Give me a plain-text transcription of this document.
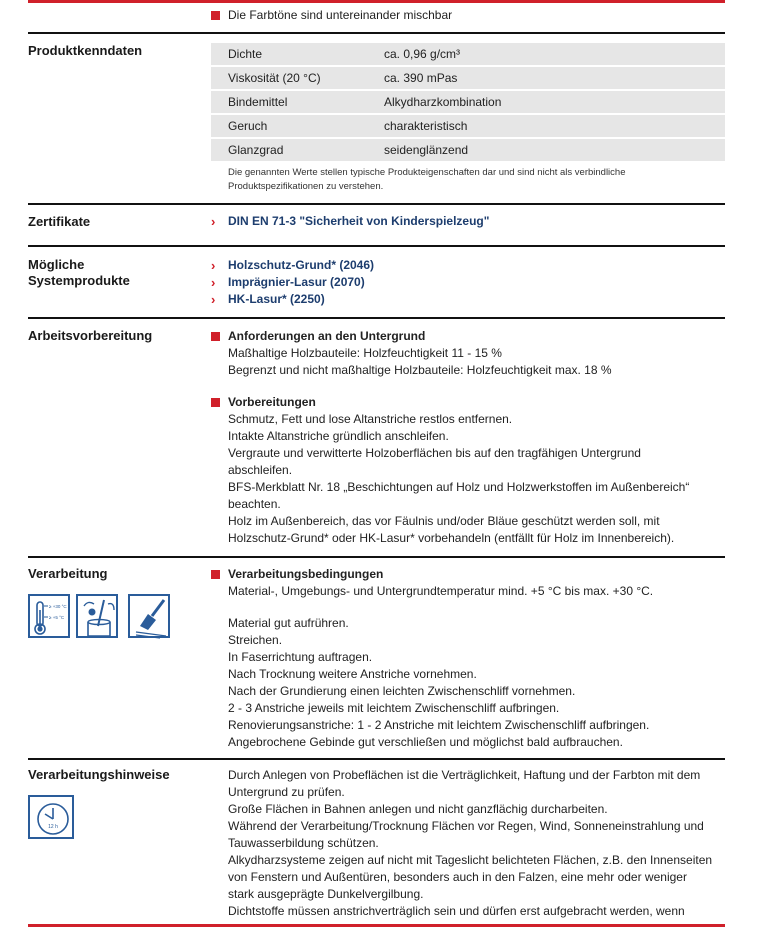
Die Farbtöne sind untereinander mischbar
Produktkenndaten	Dichte	ca. 0,96 g/cm³
Viskosität (20 °C)	ca. 390 mPas
Bindemittel	Alkydharzkombination
Geruch	charakteristisch
Glanzgrad	seidenglänzend
Die genannten Werte stellen typische Produkteigenschaften dar und sind nicht als verbindliche
Produktspezifikationen zu verstehen.
Zertifikate	› DIN EN 71-3 "Sicherheit von Kinderspielzeug"
Mögliche
Systemprodukte
› Holzschutz-Grund* (2046)
› Imprägnier-Lasur (2070)
› HK-Lasur* (2250)
Arbeitsvorbereitung	Anforderungen an den Untergrund
Maßhaltige Holzbauteile: Holzfeuchtigkeit 11 - 15 %
Begrenzt und nicht maßhaltige Holzbauteile: Holzfeuchtigkeit max. 18 %
Vorbereitungen
Schmutz, Fett und lose Altanstriche restlos entfernen.
Intakte Altanstriche gründlich anschleifen.
Vergraute und verwitterte Holzoberflächen bis auf den tragfähigen Untergrund
abschleifen.
BFS-Merkblatt Nr. 18 „Beschichtungen auf Holz und Holzwerkstoffen im Außenbereich“
beachten.
Holz im Außenbereich, das vor Fäulnis und/oder Bläue geschützt werden soll, mit
Holzschutz-Grund* oder HK-Lasur* vorbehandeln (entfällt für Holz im Innenbereich).
Verarbeitung
≥ +30 °C
≥ +5 °C
Verarbeitungsbedingungen
Material-, Umgebungs- und Untergrundtemperatur mind. +5 °C bis max. +30 °C.
Material gut aufrühren.
Streichen.
In Faserrichtung auftragen.
Nach Trocknung weitere Anstriche vornehmen.
Nach der Grundierung einen leichten Zwischenschliff vornehmen.
2 - 3 Anstriche jeweils mit leichtem Zwischenschliff aufbringen.
Renovierungsanstriche: 1 - 2 Anstriche mit leichtem Zwischenschliff aufbringen.
Angebrochene Gebinde gut verschließen und möglichst bald aufbrauchen.
Verarbeitungshinweise
12 h
Durch Anlegen von Probeflächen ist die Verträglichkeit, Haftung und der Farbton mit dem
Untergrund zu prüfen.
Große Flächen in Bahnen anlegen und nicht ganzflächig durcharbeiten.
Während der Verarbeitung/Trocknung Flächen vor Regen, Wind, Sonneneinstrahlung und
Tauwasserbildung schützen.
Alkydharzsysteme zeigen auf nicht mit Tageslicht belichteten Flächen, z.B. den Innenseiten
von Fenstern und Außentüren, besonders auch in den Falzen, eine mehr oder weniger
stark ausgeprägte Dunkelvergilbung.
Dichtstoffe müssen anstrichverträglich sein und dürfen erst aufgebracht werden, wenn
